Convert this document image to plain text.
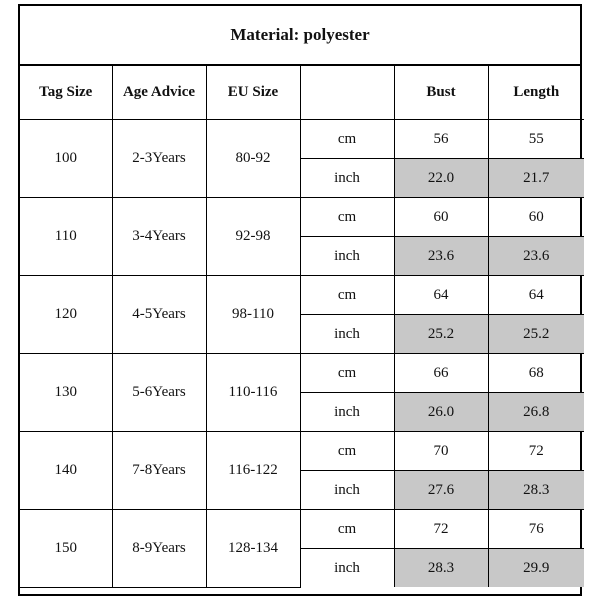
Material: polyester
Tag Size	Age Advice	EU Size		Bust	Length
100	2-3Years	80-92	cm	56	55
			inch	22.0	21.7
110	3-4Years	92-98	cm	60	60
			inch	23.6	23.6
120	4-5Years	98-110	cm	64	64
			inch	25.2	25.2
130	5-6Years	110-116	cm	66	68
			inch	26.0	26.8
140	7-8Years	116-122	cm	70	72
			inch	27.6	28.3
150	8-9Years	128-134	cm	72	76
			inch	28.3	29.9
